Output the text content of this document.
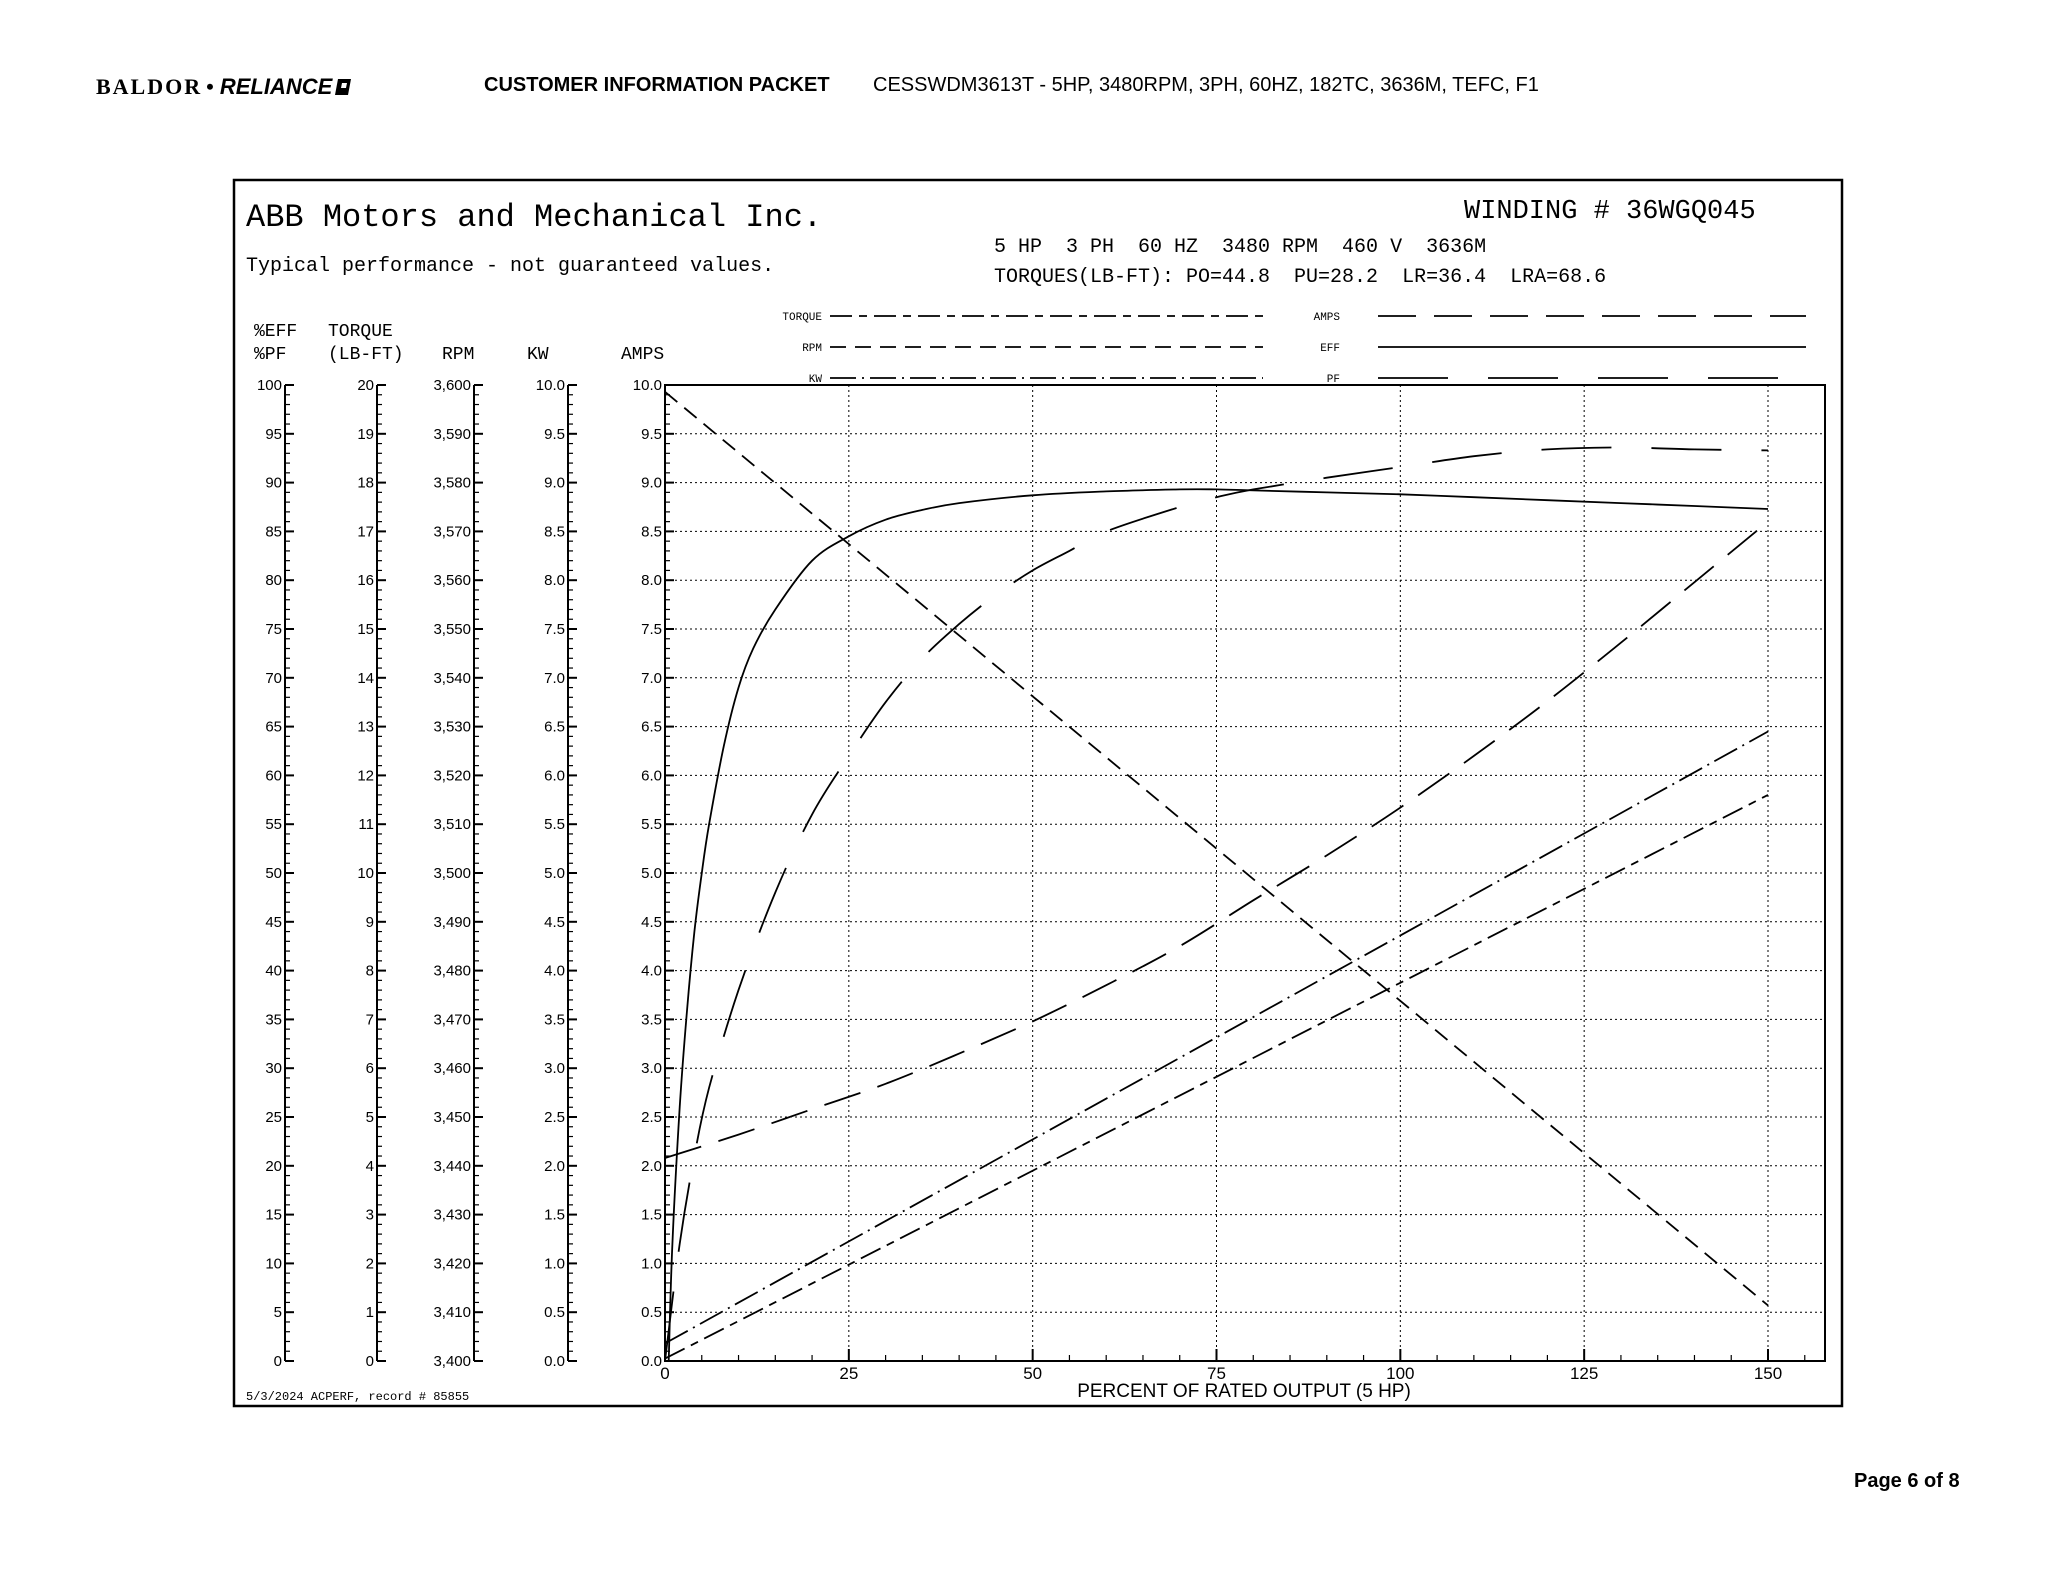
BALDOR • RELIANCE	CUSTOMER INFORMATION PACKET CESSWDM3613T - 5HP, 3480RPM, 3PH, 60HZ, 182TC, 3636M, TEFC, F1
ABB Motors and Mechanical Inc.
Typical performance - not guaranteed values.
WINDING # 36WGQ045
5 HP  3 PH  60 HZ  3480 RPM  460 V  3636M
TORQUES(LB-FT): PO=44.8  PU=28.2  LR=36.4  LRA=68.6
5/3/2024 ACPERF, record # 85855
0
5
10
15
20
25
30
35
40
45
50
55
60
65
70
75
80
85
90
95
100
%EFF
%PF
0
1
2
3
4
5
6
7
8
9
10
11
12
13
14
15
16
17
18
19
20
TORQUE
(LB-FT)
3,400
3,410
3,420
3,430
3,440
3,450
3,460
3,470
3,480
3,490
3,500
3,510
3,520
3,530
3,540
3,550
3,560
3,570
3,580
3,590
3,600
RPM
0.0
0.5
1.0
1.5
2.0
2.5
3.0
3.5
4.0
4.5
5.0
5.5
6.0
6.5
7.0
7.5
8.0
8.5
9.0
9.5
10.0
KW
0.0
0.5
1.0
1.5
2.0
2.5
3.0
3.5
4.0
4.5
5.0
5.5
6.0
6.5
7.0
7.5
8.0
8.5
9.0
9.5
10.0
AMPS
TORQUE
RPM
KW
AMPS
EFF
PF
0	25	50	75	100	125	150
PERCENT OF RATED OUTPUT (5 HP)
Page 6 of 8
